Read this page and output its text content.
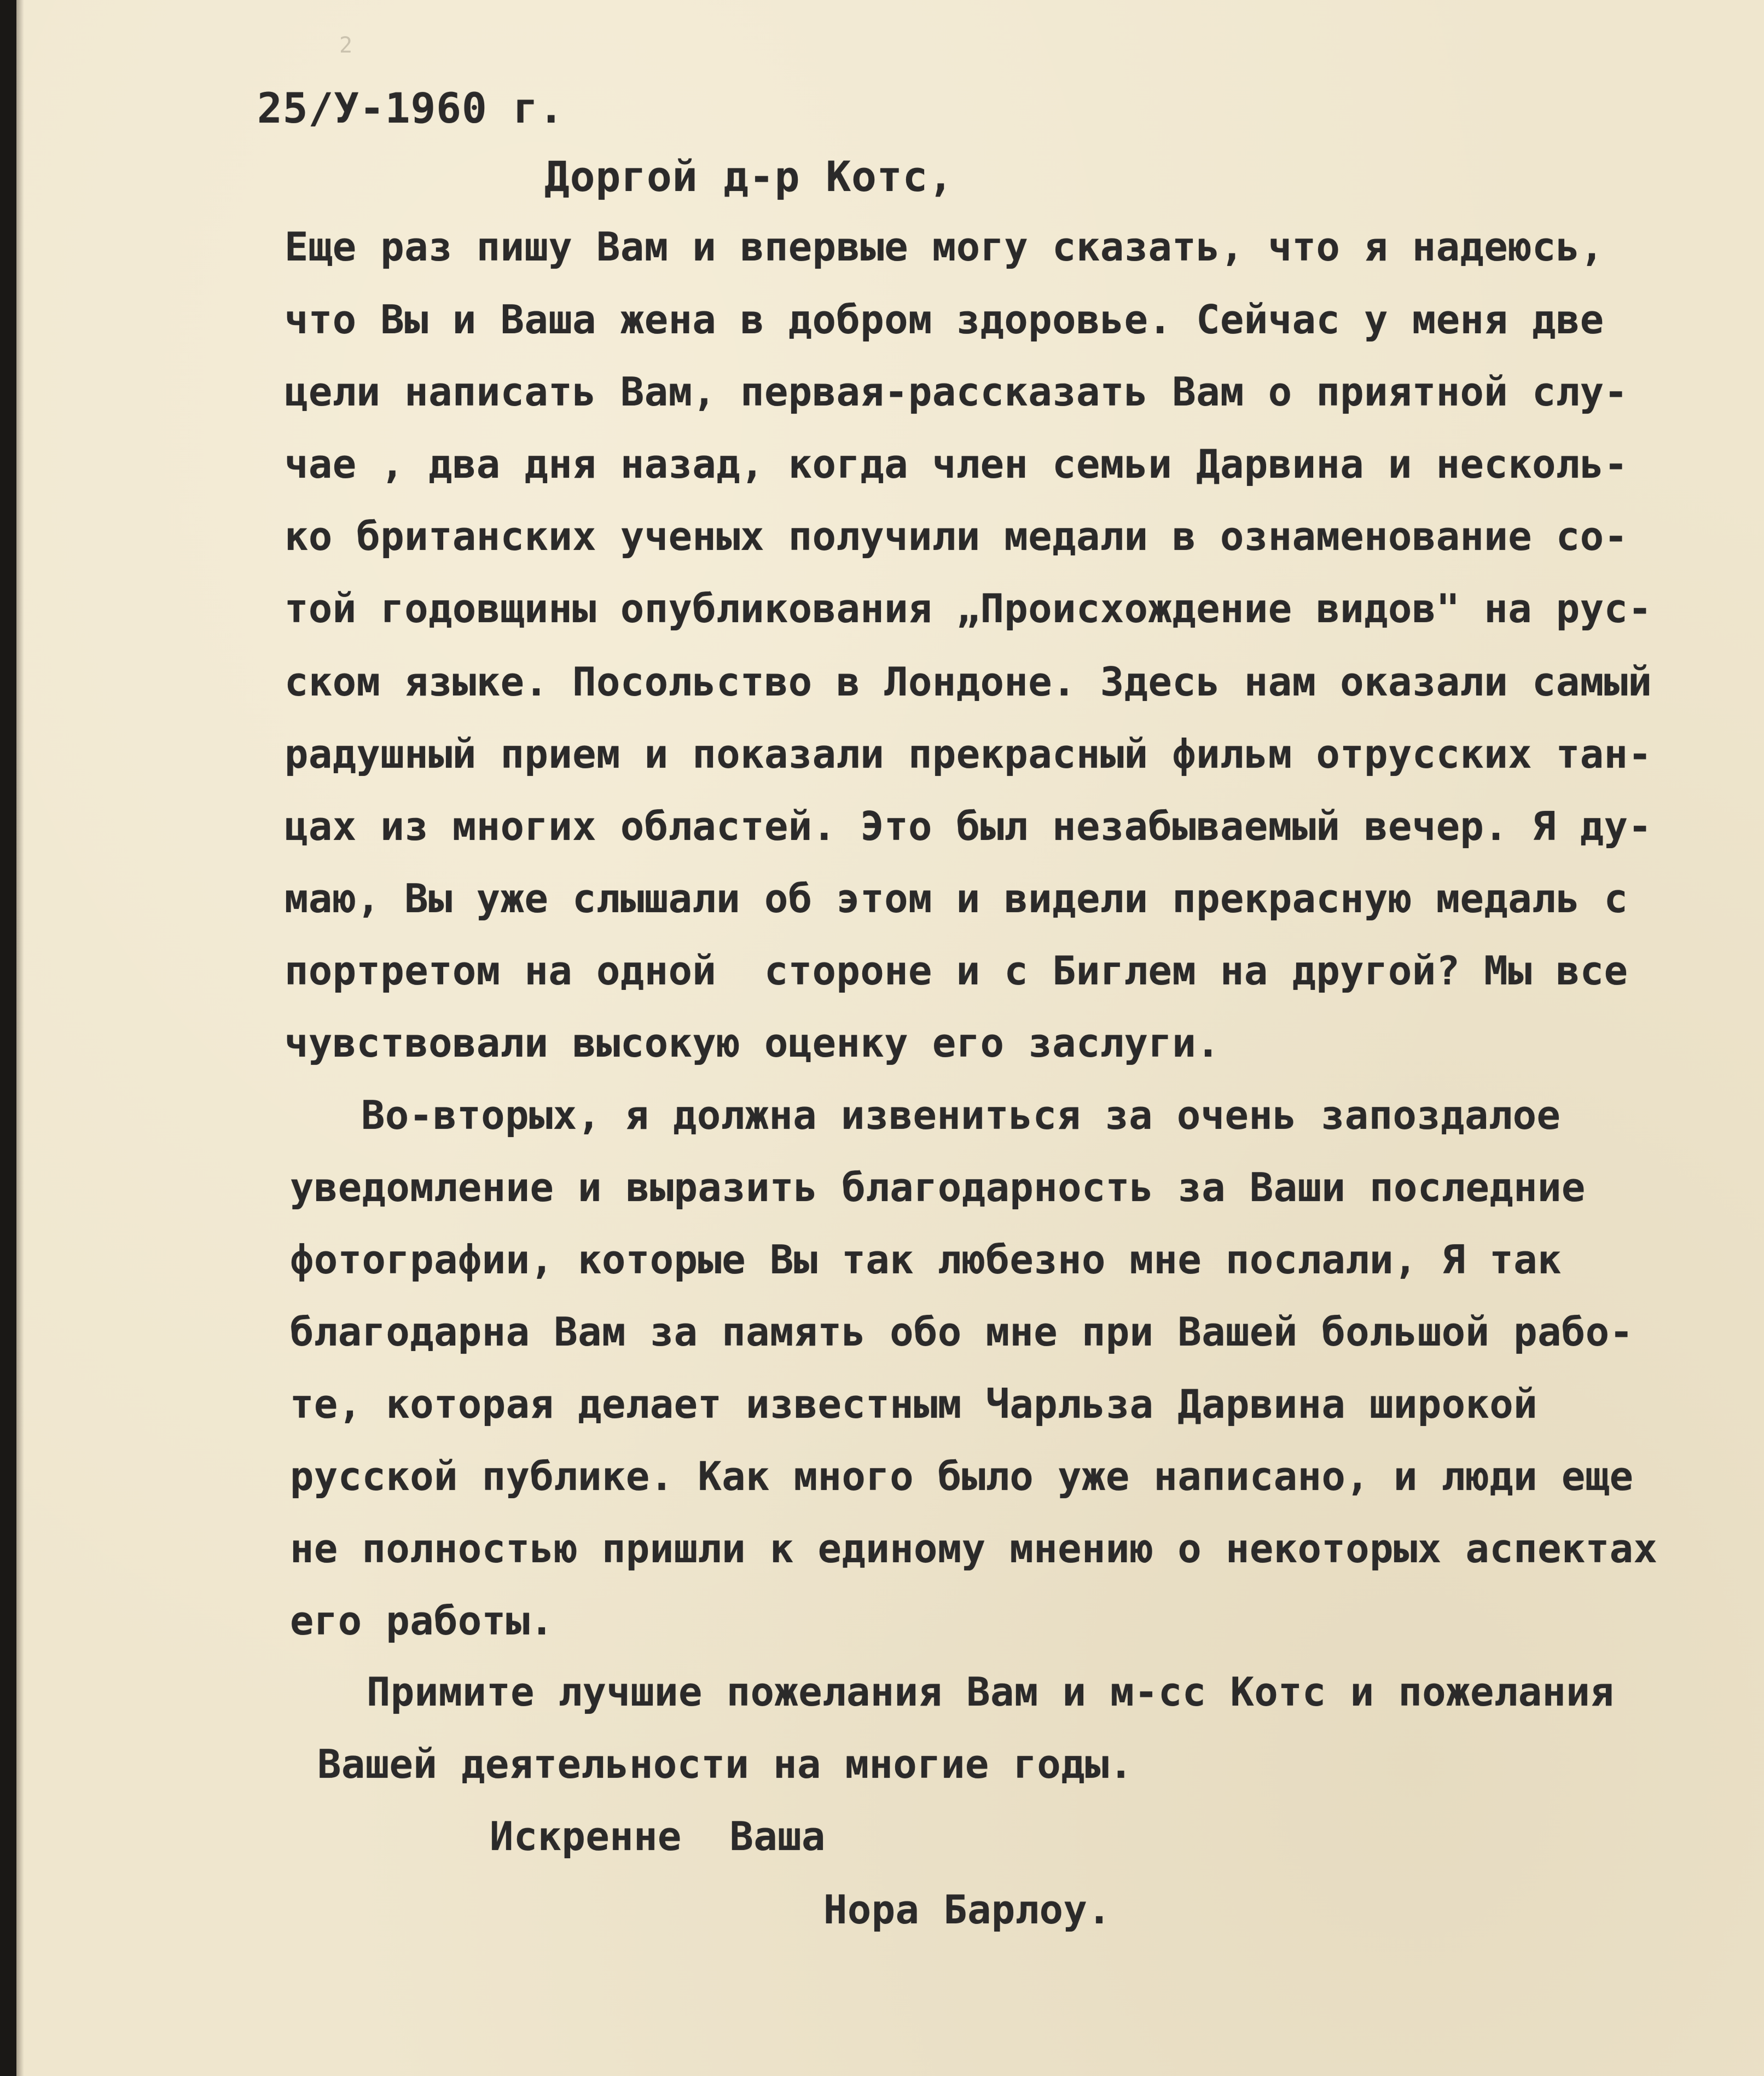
2
25/У-1960 г.
Доргой д-р Котс,
Еще раз пишу Вам и впервые могу сказать, что я надеюсь,
что Вы и Ваша жена в добром здоровье. Сейчас у меня две
цели написать Вам, первая-рассказать Вам о приятной слу-
чае , два дня назад, когда член семьи Дарвина и несколь-
ко британских ученых получили медали в ознаменование со-
той годовщины опубликования „Происхождение видов" на рус-
ском языке. Посольство в Лондоне. Здесь нам оказали самый
радушный прием и показали прекрасный фильм отрусских тан-
цах из многих областей. Это был незабываемый вечер. Я ду-
маю, Вы уже слышали об этом и видели прекрасную медаль с
портретом на одной  стороне и с Биглем на другой? Мы все
чувствовали высокую оценку его заслуги.
Во-вторых, я должна извениться за очень запоздалое
уведомление и выразить благодарность за Ваши последние
фотографии, которые Вы так любезно мне послали, Я так
благодарна Вам за память обо мне при Вашей большой рабо-
те, которая делает известным Чарльза Дарвина широкой
русской публике. Как много было уже написано, и люди еще
не полностью пришли к единому мнению о некоторых аспектах
его работы.
Примите лучшие пожелания Вам и м-сс Котс и пожелания
Вашей деятельности на многие годы.
Искренне  Ваша
Нора Барлоу.
